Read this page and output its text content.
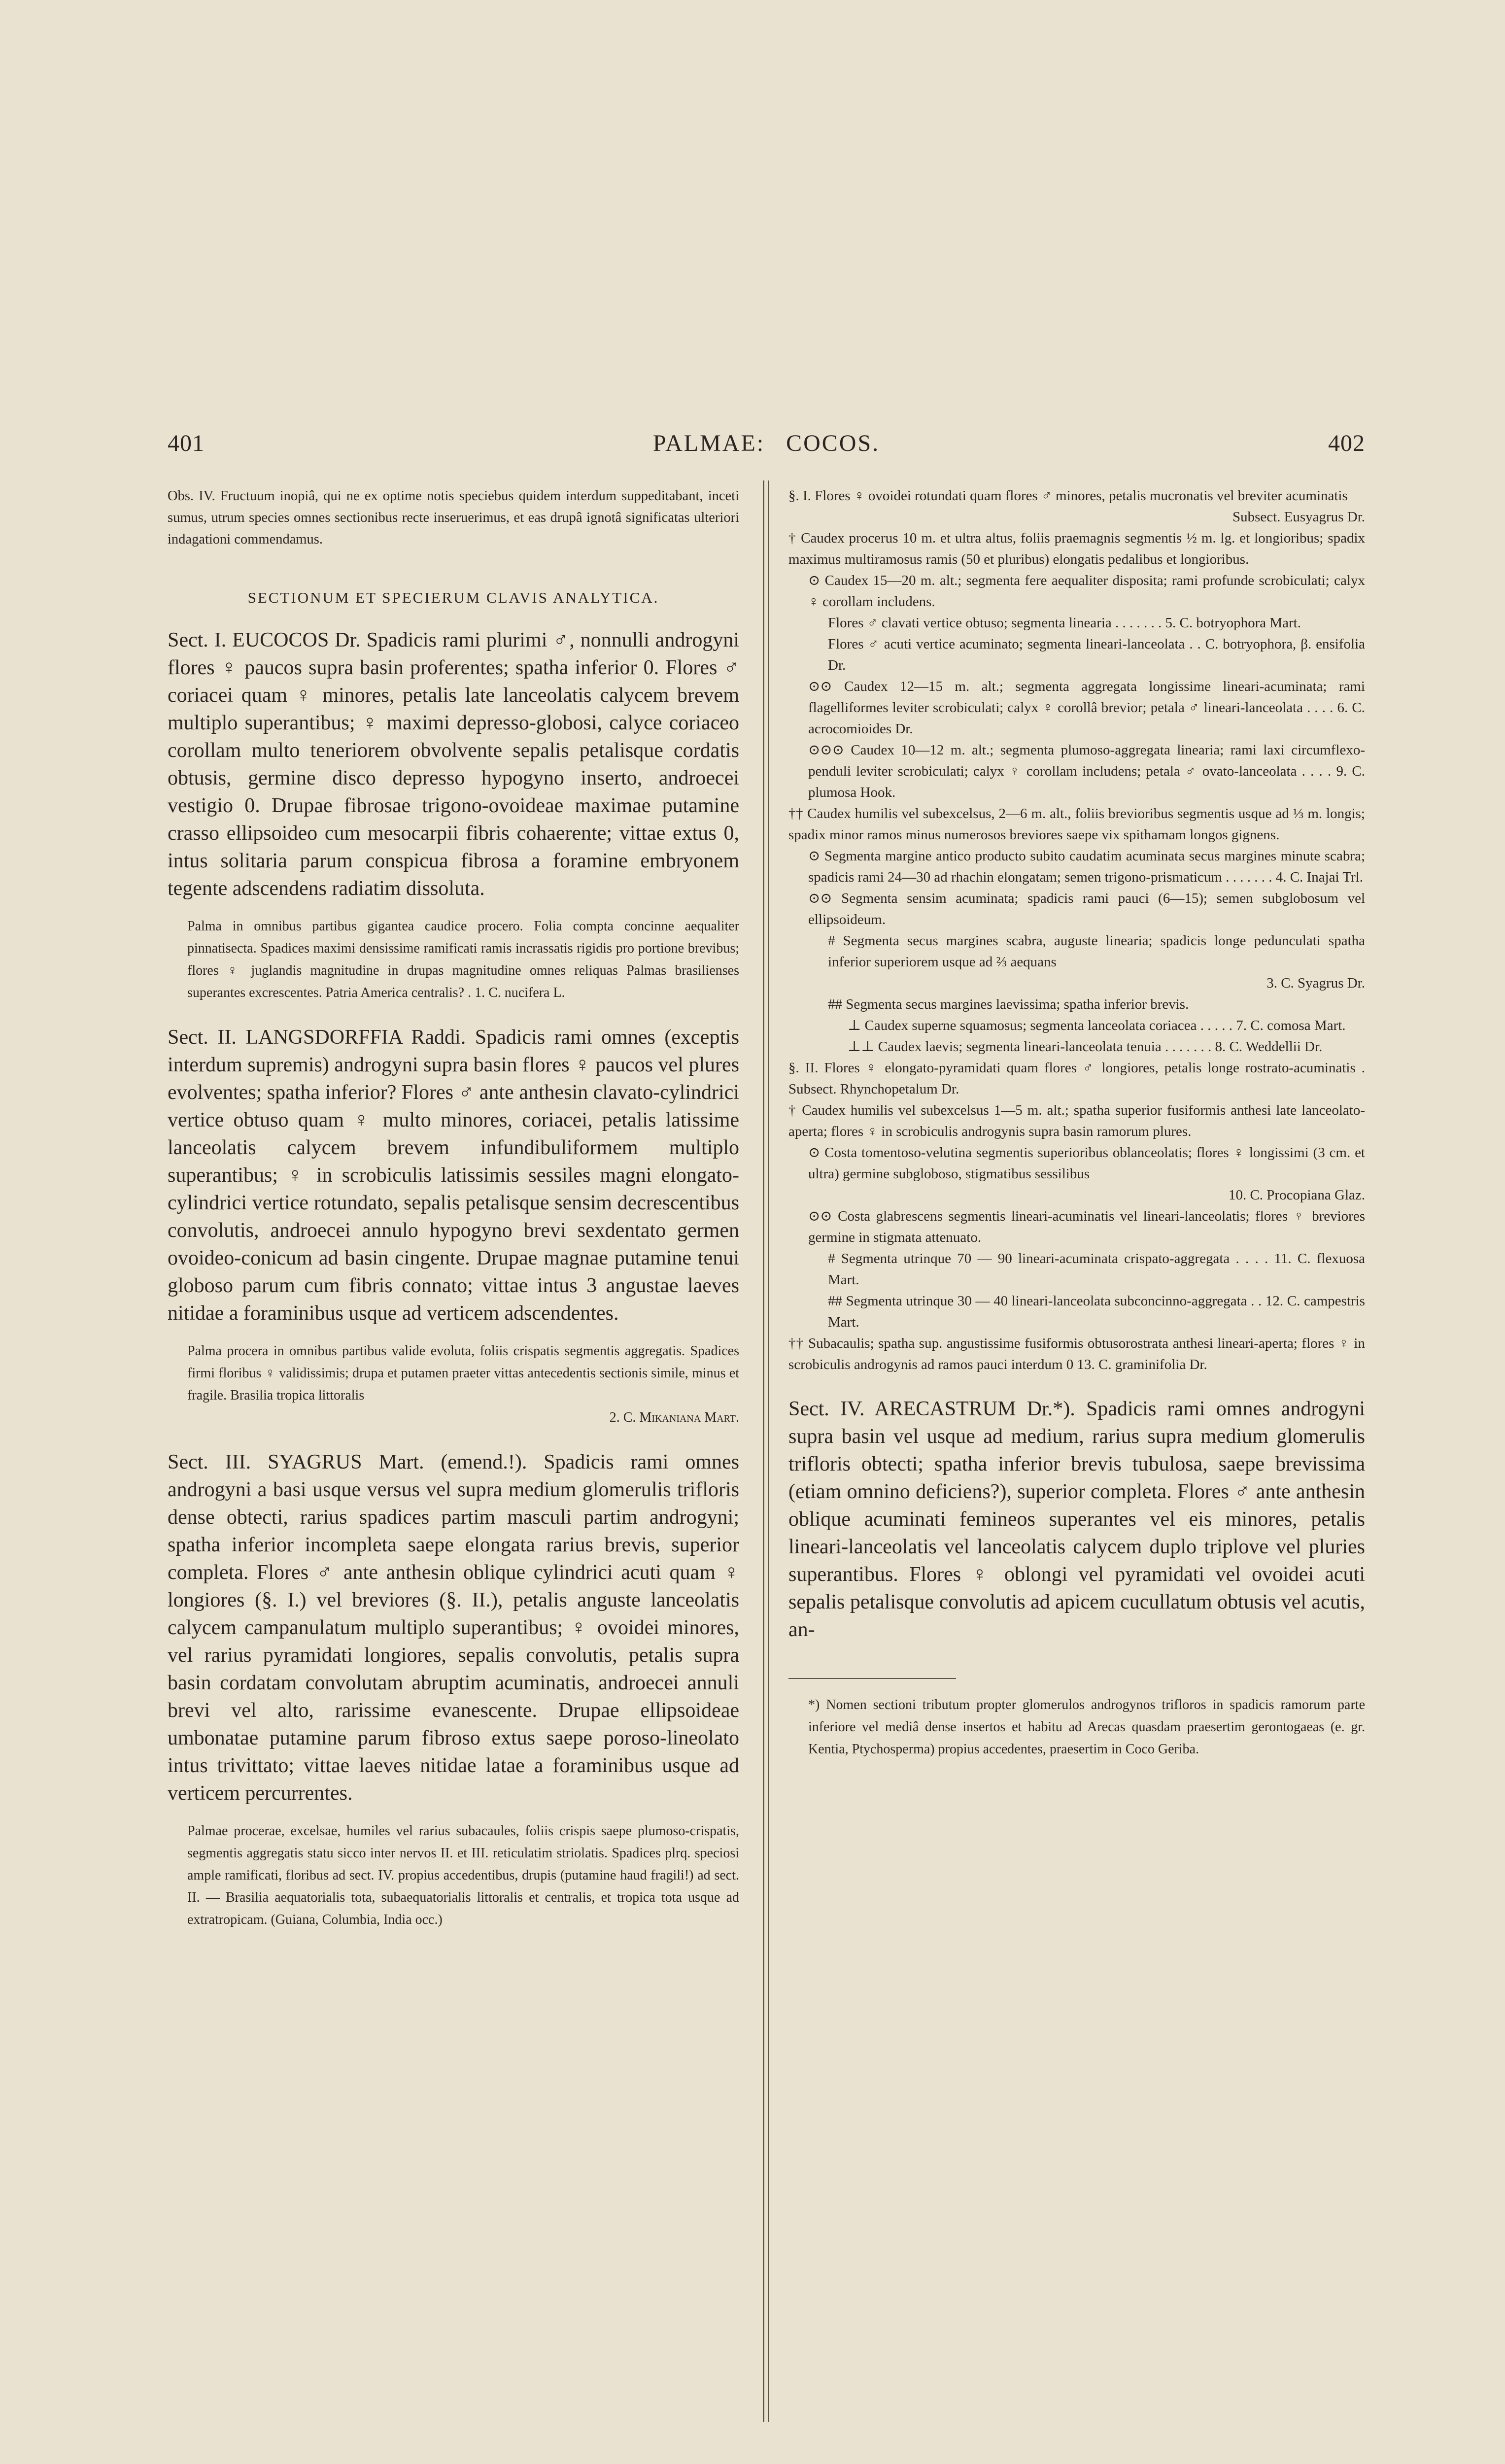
401	PALMAE: COCOS.	402

Obs. IV. Fructuum inopiâ, qui ne ex optime notis speciebus quidem interdum suppeditabant, inceti sumus, utrum species omnes sectionibus recte inseruerimus, et eas drupâ ignotâ significatas ulteriori indagationi commendamus.

SECTIONUM ET SPECIERUM CLAVIS ANALYTICA.

Sect. I. EUCOCOS Dr. Spadicis rami plurimi ♂, nonnulli androgyni flores ♀ paucos supra basin proferentes; spatha inferior 0. Flores ♂ coriacei quam ♀ minores, petalis late lanceolatis calycem brevem multiplo superantibus; ♀ maximi depresso-globosi, calyce coriaceo corollam multo teneriorem obvolvente sepalis petalisque cordatis obtusis, germine disco depresso hypogyno inserto, androecei vestigio 0. Drupae fibrosae trigono-ovoideae maximae putamine crasso ellipsoideo cum mesocarpii fibris cohaerente; vittae extus 0, intus solitaria parum conspicua fibrosa a foramine embryonem tegente adscendens radiatim dissoluta.

Palma in omnibus partibus gigantea caudice procero. Folia compta concinne aequaliter pinnatisecta. Spadices maximi densissime ramificati ramis incrassatis rigidis pro portione brevibus; flores ♀ juglandis magnitudine in drupas magnitudine omnes reliquas Palmas brasilienses superantes excrescentes. Patria America centralis? . 1. C. nucifera L.

Sect. II. LANGSDORFFIA Raddi. Spadicis rami omnes (exceptis interdum supremis) androgyni supra basin flores ♀ paucos vel plures evolventes; spatha inferior? Flores ♂ ante anthesin clavato-cylindrici vertice obtuso quam ♀ multo minores, coriacei, petalis latissime lanceolatis calycem brevem infundibuliformem multiplo superantibus; ♀ in scrobiculis latissimis sessiles magni elongato-cylindrici vertice rotundato, sepalis petalisque sensim decrescentibus convolutis, androecei annulo hypogyno brevi sexdentato germen ovoideo-conicum ad basin cingente. Drupae magnae putamine tenui globoso parum cum fibris connato; vittae intus 3 angustae laeves nitidae a foraminibus usque ad verticem adscendentes.

Palma procera in omnibus partibus valide evoluta, foliis crispatis segmentis aggregatis. Spadices firmi floribus ♀ validissimis; drupa et putamen praeter vittas antecedentis sectionis simile, minus et fragile. Brasilia tropica littoralis

2. C. Mikaniana Mart.

Sect. III. SYAGRUS Mart. (emend.!). Spadicis rami omnes androgyni a basi usque versus vel supra medium glomerulis trifloris dense obtecti, rarius spadices partim masculi partim androgyni; spatha inferior incompleta saepe elongata rarius brevis, superior completa. Flores ♂ ante anthesin oblique cylindrici acuti quam ♀ longiores (§. I.) vel breviores (§. II.), petalis anguste lanceolatis calycem campanulatum multiplo superantibus; ♀ ovoidei minores, vel rarius pyramidati longiores, sepalis convolutis, petalis supra basin cordatam convolutam abruptim acuminatis, androecei annuli brevi vel alto, rarissime evanescente. Drupae ellipsoideae umbonatae putamine parum fibroso extus saepe poroso-lineolato intus trivittato; vittae laeves nitidae latae a foraminibus usque ad verticem percurrentes.

Palmae procerae, excelsae, humiles vel rarius subacaules, foliis crispis saepe plumoso-crispatis, segmentis aggregatis statu sicco inter nervos II. et III. reticulatim striolatis. Spadices plrq. speciosi ample ramificati, floribus ad sect. IV. propius accedentibus, drupis (putamine haud fragili!) ad sect. II. — Brasilia aequatorialis tota, subaequatorialis littoralis et centralis, et tropica tota usque ad extratropicam. (Guiana, Columbia, India occ.)

§. I. Flores ♀ ovoidei rotundati quam flores ♂ minores, petalis mucronatis vel breviter acuminatis

Subsect. Eusyagrus Dr.

† Caudex procerus 10 m. et ultra altus, foliis praemagnis segmentis ½ m. lg. et longioribus; spadix maximus multiramosus ramis (50 et pluribus) elongatis pedalibus et longioribus.

⊙ Caudex 15—20 m. alt.; segmenta fere aequaliter disposita; rami profunde scrobiculati; calyx ♀ corollam includens.

Flores ♂ clavati vertice obtuso; segmenta linearia . . . . . . . 5. C. botryophora Mart.

Flores ♂ acuti vertice acuminato; segmenta lineari-lanceolata . . C. botryophora, β. ensifolia Dr.

⊙⊙ Caudex 12—15 m. alt.; segmenta aggregata longissime lineari-acuminata; rami flagelliformes leviter scrobiculati; calyx ♀ corollâ brevior; petala ♂ lineari-lanceolata . . . . 6. C. acrocomioides Dr.

⊙⊙⊙ Caudex 10—12 m. alt.; segmenta plumoso-aggregata linearia; rami laxi circumflexo-penduli leviter scrobiculati; calyx ♀ corollam includens; petala ♂ ovato-lanceolata . . . . 9. C. plumosa Hook.

†† Caudex humilis vel subexcelsus, 2—6 m. alt., foliis brevioribus segmentis usque ad ⅓ m. longis; spadix minor ramos minus numerosos breviores saepe vix spithamam longos gignens.

⊙ Segmenta margine antico producto subito caudatim acuminata secus margines minute scabra; spadicis rami 24—30 ad rhachin elongatam; semen trigono-prismaticum . . . . . . . 4. C. Inajai Trl.

⊙⊙ Segmenta sensim acuminata; spadicis rami pauci (6—15); semen subglobosum vel ellipsoideum.

# Segmenta secus margines scabra, auguste linearia; spadicis longe pedunculati spatha inferior superiorem usque ad ⅔ aequans

3. C. Syagrus Dr.

## Segmenta secus margines laevissima; spatha inferior brevis.

⊥ Caudex superne squamosus; segmenta lanceolata coriacea . . . . . 7. C. comosa Mart.

⊥⊥ Caudex laevis; segmenta lineari-lanceolata tenuia . . . . . . . 8. C. Weddellii Dr.

§. II. Flores ♀ elongato-pyramidati quam flores ♂ longiores, petalis longe rostrato-acuminatis . Subsect. Rhynchopetalum Dr.

† Caudex humilis vel subexcelsus 1—5 m. alt.; spatha superior fusiformis anthesi late lanceolato-aperta; flores ♀ in scrobiculis androgynis supra basin ramorum plures.

⊙ Costa tomentoso-velutina segmentis superioribus oblanceolatis; flores ♀ longissimi (3 cm. et ultra) germine subgloboso, stigmatibus sessilibus

10. C. Procopiana Glaz.

⊙⊙ Costa glabrescens segmentis lineari-acuminatis vel lineari-lanceolatis; flores ♀ breviores germine in stigmata attenuato.

# Segmenta utrinque 70 — 90 lineari-acuminata crispato-aggregata . . . . 11. C. flexuosa Mart.

## Segmenta utrinque 30 — 40 lineari-lanceolata subconcinno-aggregata . . 12. C. campestris Mart.

†† Subacaulis; spatha sup. angustissime fusiformis obtusorostrata anthesi lineari-aperta; flores ♀ in scrobiculis androgynis ad ramos pauci interdum 0 13. C. graminifolia Dr.

Sect. IV. ARECASTRUM Dr.*). Spadicis rami omnes androgyni supra basin vel usque ad medium, rarius supra medium glomerulis trifloris obtecti; spatha inferior brevis tubulosa, saepe brevissima (etiam omnino deficiens?), superior completa. Flores ♂ ante anthesin oblique acuminati femineos superantes vel eis minores, petalis lineari-lanceolatis vel lanceolatis calycem duplo triplove vel pluries superantibus. Flores ♀ oblongi vel pyramidati vel ovoidei acuti sepalis petalisque convolutis ad apicem cucullatum obtusis vel acutis, an-

*) Nomen sectioni tributum propter glomerulos androgynos trifloros in spadicis ramorum parte inferiore vel mediâ dense insertos et habitu ad Arecas quasdam praesertim gerontogaeas (e. gr. Kentia, Ptychosperma) propius accedentes, praesertim in Coco Geriba.
